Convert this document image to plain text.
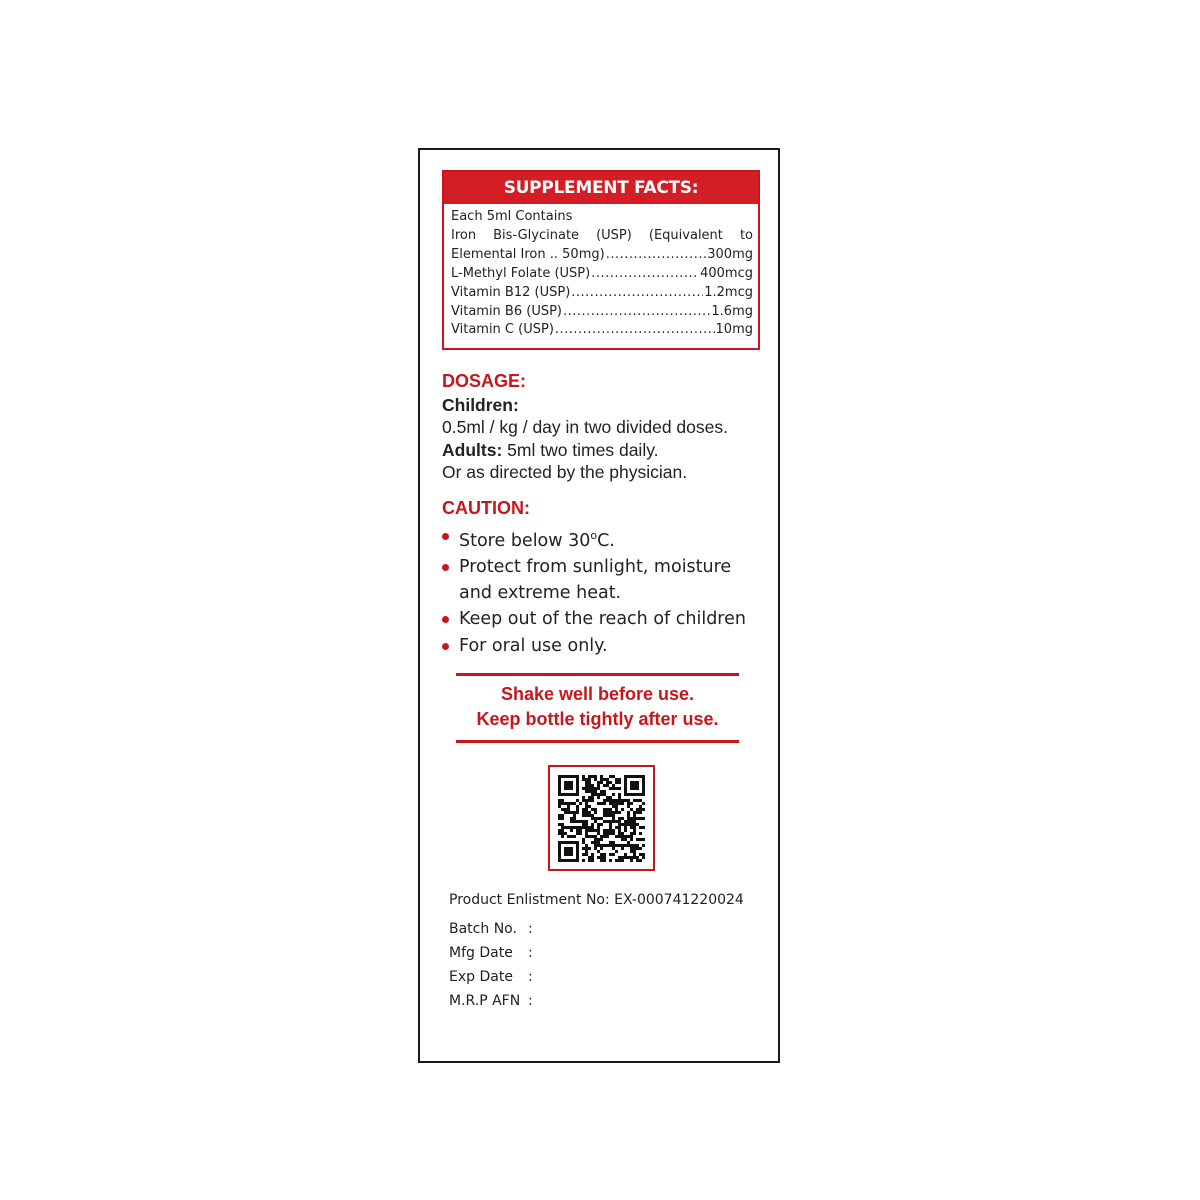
SUPPLEMENT FACTS:
Each 5ml Contains
Iron Bis-Glycinate (USP) (Equivalent to
Elemental Iron .. 50mg) .....	300mg
L-Methyl Folate (USP) .....	400mcg
Vitamin B12 (USP) .....	1.2mcg
Vitamin B6 (USP) .....	1.6mg
Vitamin C (USP) .....	10mg
DOSAGE:
Children:
0.5ml / kg / day in two divided doses.
Adults: 5ml two times daily.
Or as directed by the physician.
CAUTION:
Store below 30$^o$C.
Protect from sunlight, moisture
and extreme heat.
Keep out of the reach of children
For oral use only.
Shake well before use.
Keep bottle tightly after use.
Product Enlistment No: EX-000741220024
Batch No. :
Mfg Date	:
Exp Date	:
M.R.P AFN :
